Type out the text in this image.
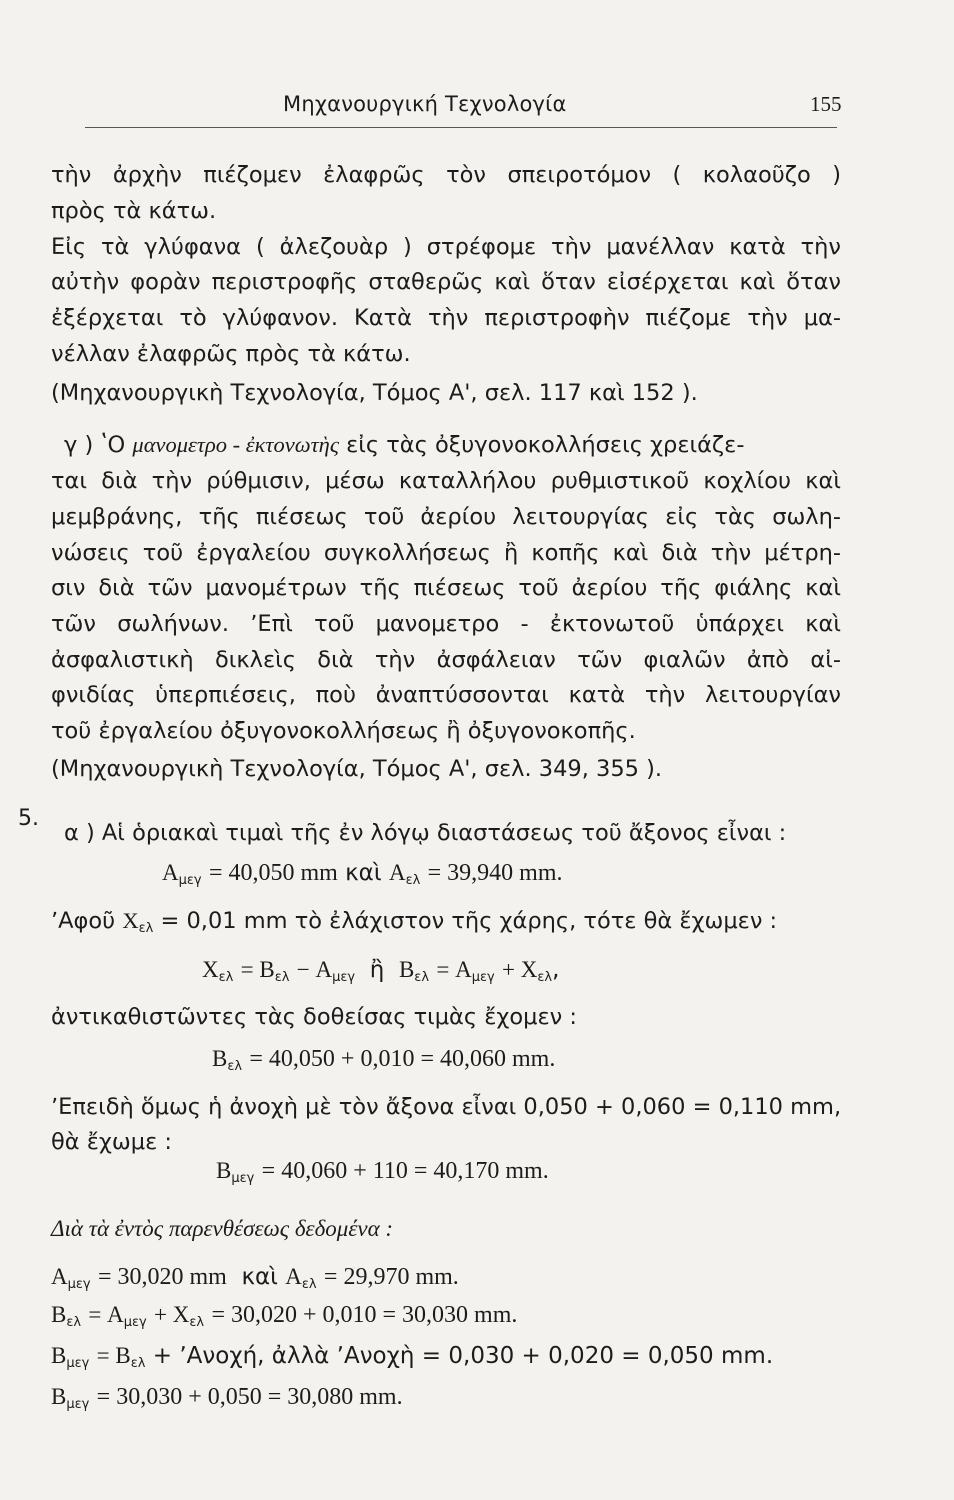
Μηχανουργική Τεχνολογία	155
τὴν ἀρχὴν πιέζομεν ἐλαφρῶς τὸν σπειροτόμον ( κολαοῦζο )
πρὸς τὰ κάτω.
Εἰς τὰ γλύφανα ( ἀλεζουὰρ ) στρέφομε τὴν μανέλλαν κατὰ τὴν
αὐτὴν φορὰν περιστροφῆς σταθερῶς καὶ ὅταν εἰσέρχεται καὶ ὅταν
ἐξέρχεται τὸ γλύφανον. Κατὰ τὴν περιστροφὴν πιέζομε τὴν μα-
νέλλαν ἐλαφρῶς πρὸς τὰ κάτω.
(Μηχανουργικὴ Τεχνολογία, Τόμος Α', σελ. 117 καὶ 152 ).
γ ) ʽΟ μανομετρο - ἐκτονωτὴς εἰς τὰς ὀξυγονοκολλήσεις χρειάζε-
ται διὰ τὴν ρύθμισιν, μέσω καταλλήλου ρυθμιστικοῦ κοχλίου καὶ
μεμβράνης, τῆς πιέσεως τοῦ ἀερίου λειτουργίας εἰς τὰς σωλη-
νώσεις τοῦ ἐργαλείου συγκολλήσεως ἢ κοπῆς καὶ διὰ τὴν μέτρη-
σιν διὰ τῶν μανομέτρων τῆς πιέσεως τοῦ ἀερίου τῆς φιάλης καὶ
τῶν σωλήνων. ʼΕπὶ τοῦ μανομετρο - ἐκτονωτοῦ ὑπάρχει καὶ
ἀσφαλιστικὴ δικλεὶς διὰ τὴν ἀσφάλειαν τῶν φιαλῶν ἀπὸ αἰ-
φνιδίας ὑπερπιέσεις, ποὺ ἀναπτύσσονται κατὰ τὴν λειτουργίαν
τοῦ ἐργαλείου ὀξυγονοκολλήσεως ἢ ὀξυγονοκοπῆς.
(Μηχανουργικὴ Τεχνολογία, Τόμος Α', σελ. 349, 355 ).
5.
α ) Αἱ ὁριακαὶ τιμαὶ τῆς ἐν λόγῳ διαστάσεως τοῦ ἄξονος εἶναι :
$A_{\mu\varepsilon\gamma} = 40,050$ mm καὶ $A_{\varepsilon\lambda} = 39,940$ mm.
ʼΑφοῦ $X_{\varepsilon\lambda} = 0,01$ mm τὸ ἐλάχιστον τῆς χάρης, τότε θὰ ἔχωμεν :
$X_{\varepsilon\lambda} = B_{\varepsilon\lambda} - A_{\mu\varepsilon\gamma}$ ἢ $B_{\varepsilon\lambda} = A_{\mu\varepsilon\gamma} + X_{\varepsilon\lambda}$,
ἀντικαθιστῶντες τὰς δοθείσας τιμὰς ἔχομεν :
$B_{\varepsilon\lambda} = 40,050 + 0,010 = 40,060$ mm.
ʼΕπειδὴ ὅμως ἡ ἀνοχὴ μὲ τὸν ἄξονα εἶναι 0,050 + 0,060 = 0,110 mm,
θὰ ἔχωμε :
$B_{\mu\varepsilon\gamma} = 40,060 + 110 = 40,170$ mm.
Διὰ τὰ ἐντὸς παρενθέσεως δεδομένα :
$A_{\mu\varepsilon\gamma} = 30,020$ mm καὶ $A_{\varepsilon\lambda} = 29,970$ mm.
$B_{\varepsilon\lambda} = A_{\mu\varepsilon\gamma} + X_{\varepsilon\lambda} = 30,020 + 0,010 = 30,030$ mm.
$B_{\mu\varepsilon\gamma} = B_{\varepsilon\lambda}$ + ʼΑνοχή, ἀλλὰ ʼΑνοχὴ = 0,030 + 0,020 = 0,050 mm.
$B_{\mu\varepsilon\gamma} = 30,030 + 0,050 = 30,080$ mm.
